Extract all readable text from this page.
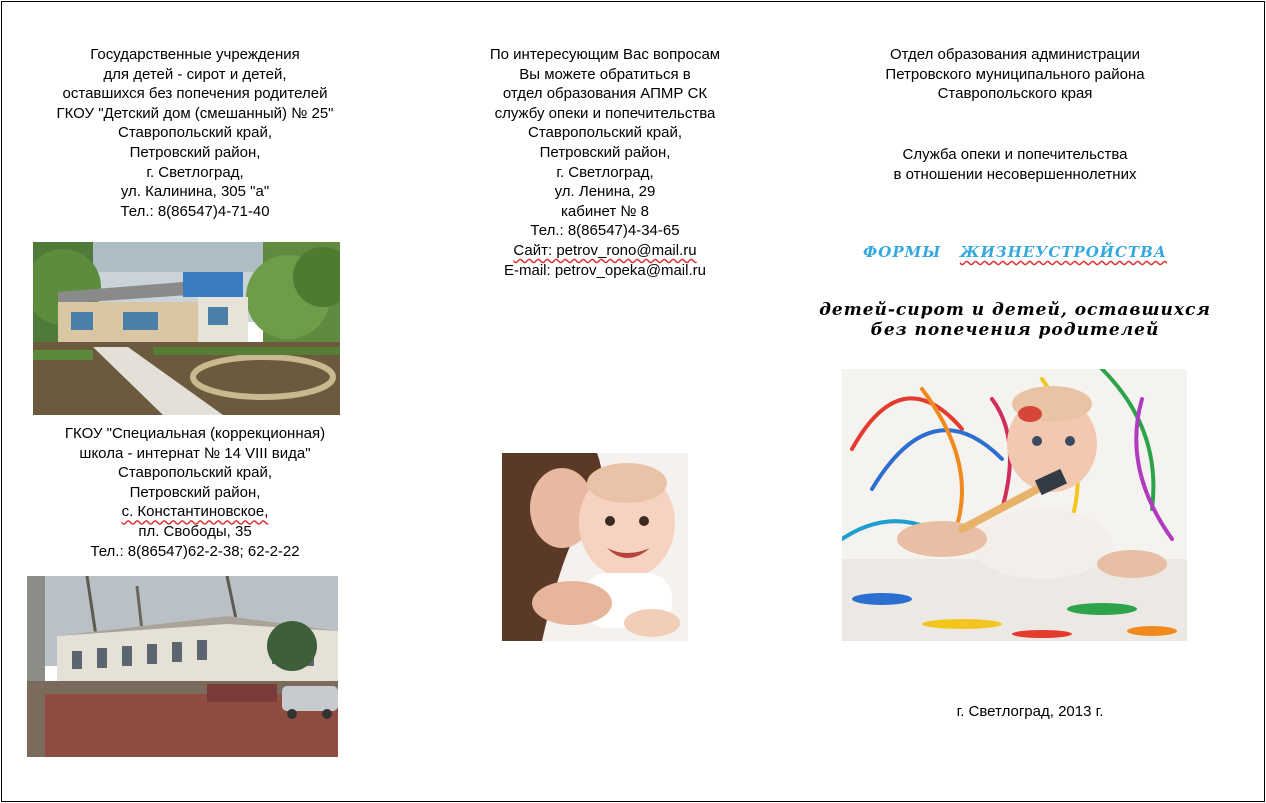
Государственные учреждения
для детей - сирот и детей,
оставшихся без попечения родителей
ГКОУ "Детский дом (смешанный) № 25"
Ставропольский край,
Петровский район,
г. Светлоград,
ул. Калинина, 305 "а"
Тел.: 8(86547)4-71-40
ГКОУ "Специальная (коррекционная)
школа - интернат № 14 VIII вида"
Ставропольский край,
Петровский район,
с. Константиновское,
пл. Свободы, 35
Тел.: 8(86547)62-2-38; 62-2-22
По интересующим Вас вопросам
Вы можете обратиться в
отдел образования АПМР СК
службу опеки и попечительства
Ставропольский край,
Петровский район,
г. Светлоград,
ул. Ленина, 29
кабинет № 8
Тел.: 8(86547)4-34-65
Сайт: petrov_rono@mail.ru
E-mail: petrov_opeka@mail.ru
Отдел образования администрации
Петровского муниципального района
Ставропольского края
Служба опеки и попечительства
в отношении несовершеннолетних
ФОРМЫ ЖИЗНЕУСТРОЙСТВА
детей-сирот и детей, оставшихся
без попечения родителей
г. Светлоград, 2013 г.
